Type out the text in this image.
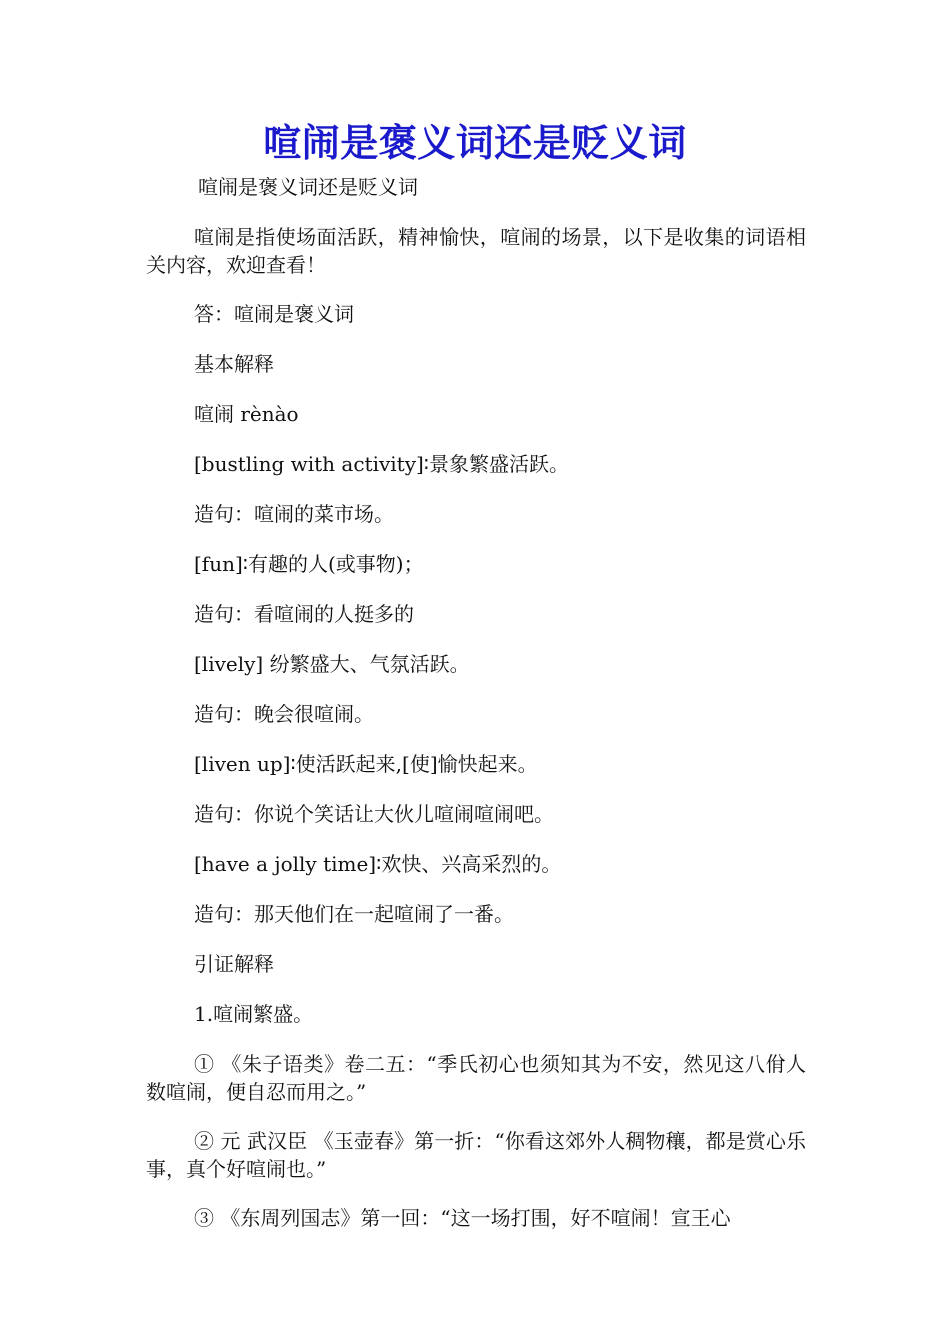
喧闹是褒义词还是贬义词
喧闹是褒义词还是贬义词

喧闹是指使场面活跃，精神愉快，喧闹的场景，以下是收集的词语相关内容，欢迎查看！

答：喧闹是褒义词

基本解释

喧闹 rènào

[bustling with activity]∶景象繁盛活跃。

造句：喧闹的菜市场。

[fun]∶有趣的人(或事物)；

造句：看喧闹的人挺多的

[lively] 纷繁盛大、气氛活跃。

造句：晚会很喧闹。

[liven up]∶使活跃起来,[使]愉快起来。

造句：你说个笑话让大伙儿喧闹喧闹吧。

[have a jolly time]∶欢快、兴高采烈的。

造句：那天他们在一起喧闹了一番。

引证解释

1.喧闹繁盛。

① 《朱子语类》卷二五：“季氏初心也须知其为不安，然见这八佾人数喧闹，便自忍而用之。”

② 元 武汉臣 《玉壶春》第一折：“你看这郊外人稠物穰，都是赏心乐事，真个好喧闹也。”

③ 《东周列国志》第一回：“这一场打围，好不喧闹！宣王心
